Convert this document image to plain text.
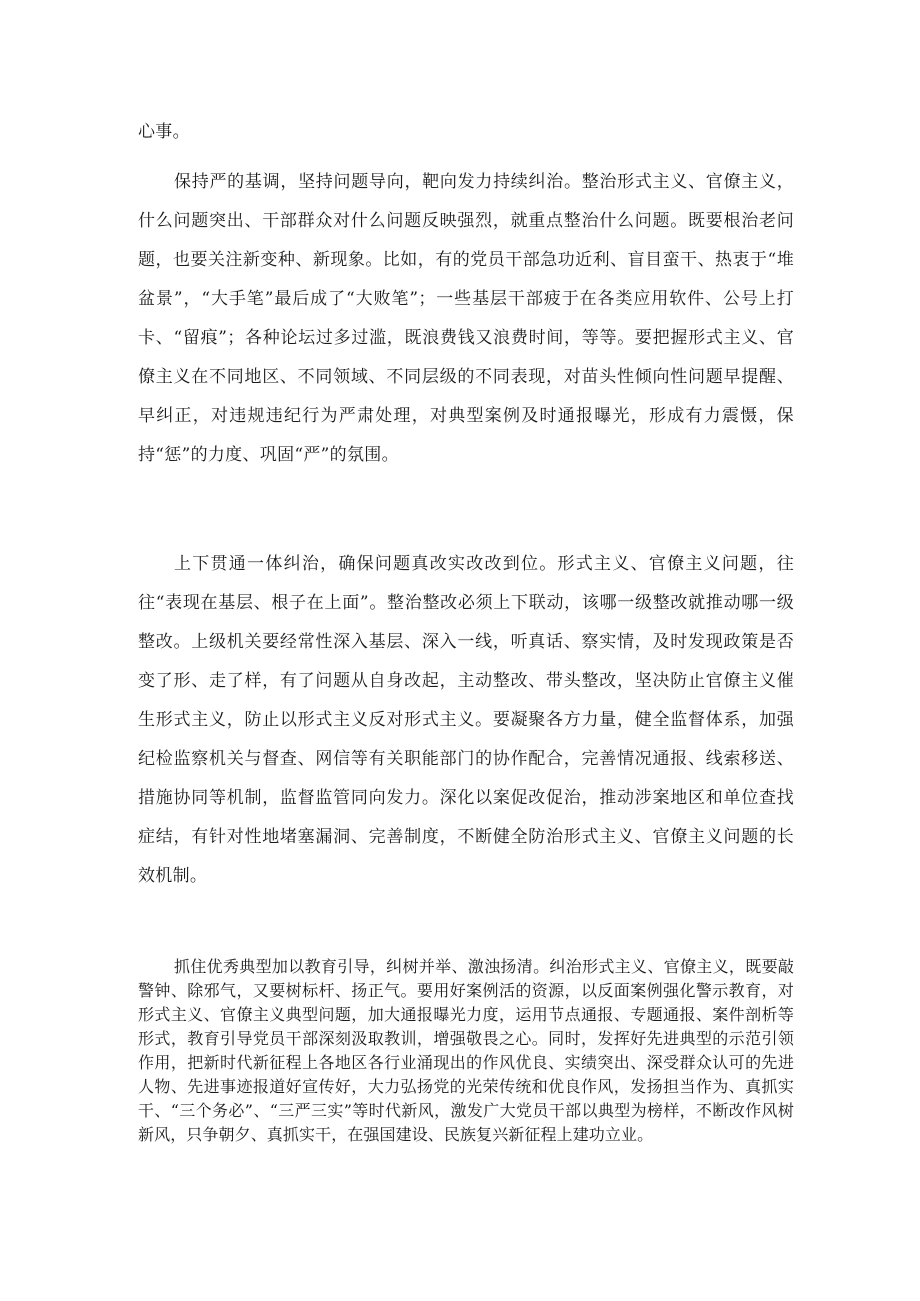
心事。

保持严的基调，坚持问题导向，靶向发力持续纠治。整治形式主义、官僚主义，什么问题突出、干部群众对什么问题反映强烈，就重点整治什么问题。既要根治老问题，也要关注新变种、新现象。比如，有的党员干部急功近利、盲目蛮干、热衷于“堆盆景”，“大手笔”最后成了“大败笔”；一些基层干部疲于在各类应用软件、公号上打卡、“留痕”；各种论坛过多过滥，既浪费钱又浪费时间，等等。要把握形式主义、官僚主义在不同地区、不同领域、不同层级的不同表现，对苗头性倾向性问题早提醒、早纠正，对违规违纪行为严肃处理，对典型案例及时通报曝光，形成有力震慑，保持“惩”的力度、巩固“严”的氛围。

上下贯通一体纠治，确保问题真改实改改到位。形式主义、官僚主义问题，往往“表现在基层、根子在上面”。整治整改必须上下联动，该哪一级整改就推动哪一级整改。上级机关要经常性深入基层、深入一线，听真话、察实情，及时发现政策是否变了形、走了样，有了问题从自身改起，主动整改、带头整改，坚决防止官僚主义催生形式主义，防止以形式主义反对形式主义。要凝聚各方力量，健全监督体系，加强纪检监察机关与督查、网信等有关职能部门的协作配合，完善情况通报、线索移送、措施协同等机制，监督监管同向发力。深化以案促改促治，推动涉案地区和单位查找症结，有针对性地堵塞漏洞、完善制度，不断健全防治形式主义、官僚主义问题的长效机制。

抓住优秀典型加以教育引导，纠树并举、激浊扬清。纠治形式主义、官僚主义，既要敲警钟、除邪气，又要树标杆、扬正气。要用好案例活的资源，以反面案例强化警示教育，对形式主义、官僚主义典型问题，加大通报曝光力度，运用节点通报、专题通报、案件剖析等形式，教育引导党员干部深刻汲取教训，增强敬畏之心。同时，发挥好先进典型的示范引领作用，把新时代新征程上各地区各行业涌现出的作风优良、实绩突出、深受群众认可的先进人物、先进事迹报道好宣传好，大力弘扬党的光荣传统和优良作风，发扬担当作为、真抓实干、“三个务必”、“三严三实”等时代新风，激发广大党员干部以典型为榜样，不断改作风树新风，只争朝夕、真抓实干，在强国建设、民族复兴新征程上建功立业。
